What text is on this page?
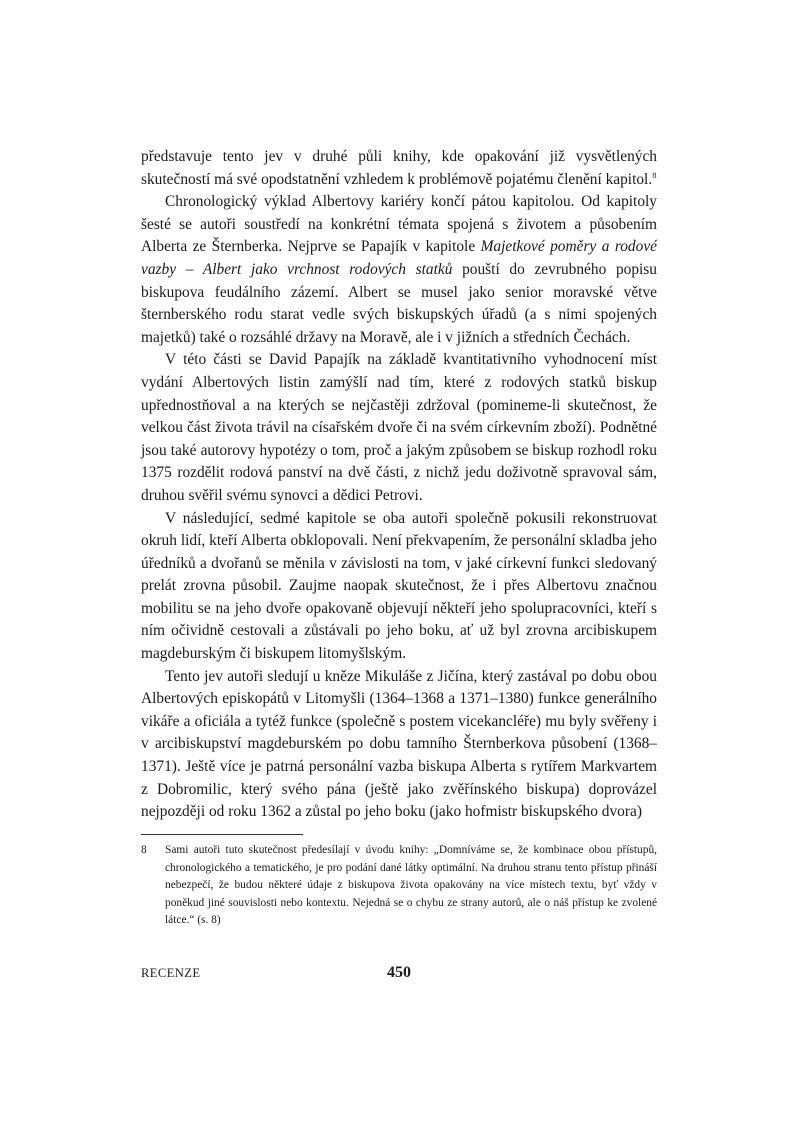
představuje tento jev v druhé půli knihy, kde opakování již vysvětlených skutečností má své opodstatnění vzhledem k problémově pojatému členění kapitol.$^8$

Chronologický výklad Albertovy kariéry končí pátou kapitolou. Od kapitoly šesté se autoři soustředí na konkrétní témata spojená s životem a působením Alberta ze Šternberka. Nejprve se Papajík v kapitole Majetkové poměry a rodové vazby – Albert jako vrchnost rodových statků pouští do zevrubného popisu biskupova feudálního zázemí. Albert se musel jako senior moravské větve šternberského rodu starat vedle svých biskupských úřadů (a s nimi spojených majetků) také o rozsáhlé državy na Moravě, ale i v jižních a středních Čechách.

V této části se David Papajík na základě kvantitativního vyhodnocení míst vydání Albertových listin zamýšlí nad tím, které z rodových statků biskup upřednostňoval a na kterých se nejčastěji zdržoval (pomineme-li skutečnost, že velkou část života trávil na císařském dvoře či na svém církevním zboží). Podnětné jsou také autorovy hypotézy o tom, proč a jakým způsobem se biskup rozhodl roku 1375 rozdělit rodová panství na dvě části, z nichž jedu doživotně spravoval sám, druhou svěřil svému synovci a dědici Petrovi.

V následující, sedmé kapitole se oba autoři společně pokusili rekonstruovat okruh lidí, kteří Alberta obklopovali. Není překvapením, že personální skladba jeho úředníků a dvořanů se měnila v závislosti na tom, v jaké církevní funkci sledovaný prelát zrovna působil. Zaujme naopak skutečnost, že i přes Albertovu značnou mobilitu se na jeho dvoře opakovaně objevují někteří jeho spolupracovníci, kteří s ním očividně cestovali a zůstávali po jeho boku, ať už byl zrovna arcibiskupem magdeburským či biskupem litomyšlským.

Tento jev autoři sledují u kněze Mikuláše z Jičína, který zastával po dobu obou Albertových episkopátů v Litomyšli (1364–1368 a 1371–1380) funkce generálního vikáře a oficiála a tytéž funkce (společně s postem vicekancléře) mu byly svěřeny i v arcibiskupství magdeburském po dobu tamního Šternberkova působení (1368–1371). Ještě více je patrná personální vazba biskupa Alberta s rytířem Markvartem z Dobromilic, který svého pána (ještě jako zvěřínského biskupa) doprovázel nejpozději od roku 1362 a zůstal po jeho boku (jako hofmistr biskupského dvora)

8	Sami autoři tuto skutečnost předesílají v úvodu knihy: „Domníváme se, že kombinace obou přístupů, chronologického a tematického, je pro podání dané látky optimální. Na druhou stranu tento přístup přináší nebezpečí, že budou některé údaje z biskupova života opakovány na více místech textu, byť vždy v poněkud jiné souvislosti nebo kontextu. Nejedná se o chybu ze strany autorů, ale o náš přístup ke zvolené látce.“ (s. 8)
RECENZE	450
